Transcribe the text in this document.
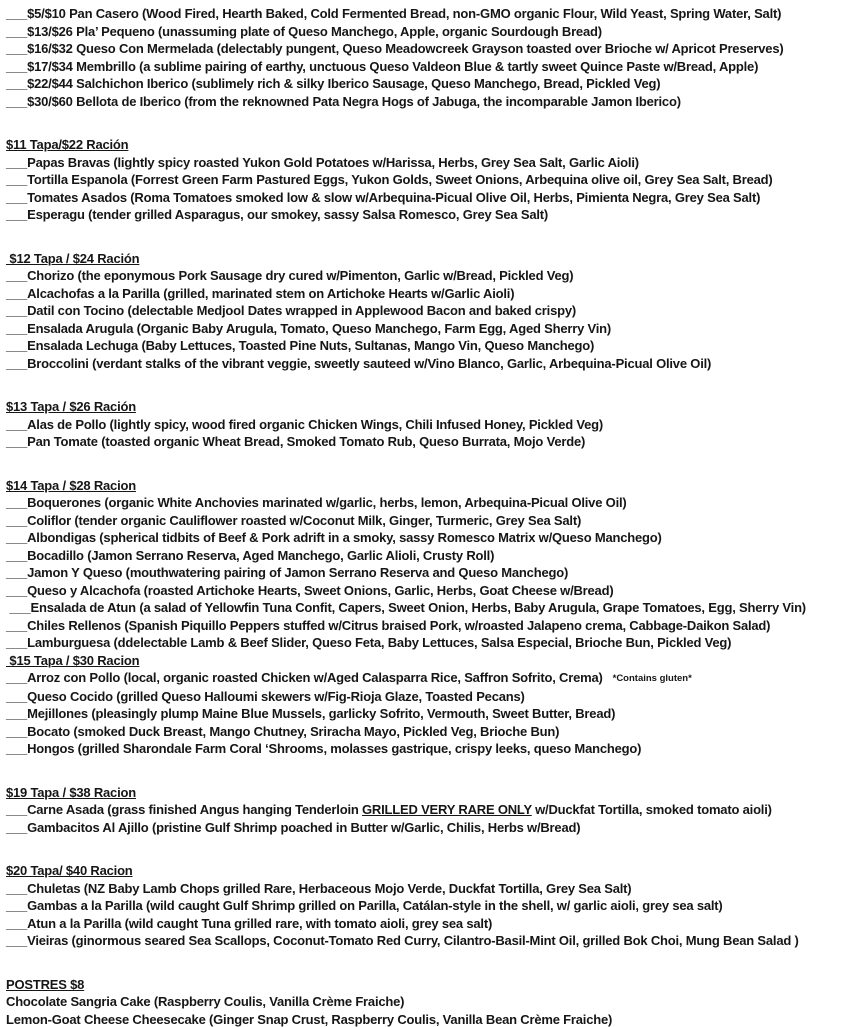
___$5/$10 Pan Casero (Wood Fired, Hearth Baked, Cold Fermented Bread, non-GMO organic Flour, Wild Yeast, Spring Water, Salt)
___$13/$26 Pla’ Pequeno (unassuming plate of Queso Manchego, Apple, organic Sourdough Bread)
___$16/$32 Queso Con Mermelada (delectably pungent, Queso Meadowcreek Grayson toasted over Brioche w/ Apricot Preserves)
___$17/$34 Membrillo (a sublime pairing of earthy, unctuous Queso Valdeon Blue & tartly sweet Quince Paste w/Bread, Apple)
___$22/$44 Salchichon Iberico (sublimely rich & silky Iberico Sausage, Queso Manchego, Bread, Pickled Veg)
___$30/$60 Bellota de Iberico (from the reknowned Pata Negra Hogs of Jabuga, the incomparable Jamon Iberico)
$11 Tapa/$22 Ración
___Papas Bravas (lightly spicy roasted Yukon Gold Potatoes w/Harissa, Herbs, Grey Sea Salt, Garlic Aioli)
___Tortilla Espanola (Forrest Green Farm Pastured Eggs, Yukon Golds, Sweet Onions, Arbequina olive oil, Grey Sea Salt, Bread)
___Tomates Asados (Roma Tomatoes smoked low & slow w/Arbequina-Picual Olive Oil, Herbs, Pimienta Negra, Grey Sea Salt)
___Esperagu (tender grilled Asparagus, our smokey, sassy Salsa Romesco, Grey Sea Salt)
$12 Tapa / $24 Ración
___Chorizo (the eponymous Pork Sausage dry cured w/Pimenton, Garlic w/Bread, Pickled Veg)
___Alcachofas a la Parilla (grilled, marinated stem on Artichoke Hearts w/Garlic Aioli)
___Datil con Tocino (delectable Medjool Dates wrapped in Applewood Bacon and baked crispy)
___Ensalada Arugula (Organic Baby Arugula, Tomato, Queso Manchego, Farm Egg, Aged Sherry Vin)
___Ensalada Lechuga (Baby Lettuces, Toasted Pine Nuts, Sultanas, Mango Vin, Queso Manchego)
___Broccolini (verdant stalks of the vibrant veggie, sweetly sauteed w/Vino Blanco, Garlic, Arbequina-Picual Olive Oil)
$13 Tapa / $26 Ración
___Alas de Pollo (lightly spicy, wood fired organic Chicken Wings, Chili Infused Honey, Pickled Veg)
___Pan Tomate (toasted organic Wheat Bread, Smoked Tomato Rub, Queso Burrata, Mojo Verde)
$14 Tapa / $28 Racion
___Boquerones (organic White Anchovies marinated w/garlic, herbs, lemon, Arbequina-Picual Olive Oil)
___Coliflor (tender organic Cauliflower roasted w/Coconut Milk, Ginger, Turmeric, Grey Sea Salt)
___Albondigas (spherical tidbits of Beef & Pork adrift in a smoky, sassy Romesco Matrix w/Queso Manchego)
___Bocadillo (Jamon Serrano Reserva, Aged Manchego, Garlic Alioli, Crusty Roll)
___Jamon Y Queso (mouthwatering pairing of Jamon Serrano Reserva and Queso Manchego)
___Queso y Alcachofa (roasted Artichoke Hearts, Sweet Onions, Garlic, Herbs, Goat Cheese w/Bread)
___Ensalada de Atun (a salad of Yellowfin Tuna Confit, Capers, Sweet Onion, Herbs, Baby Arugula, Grape Tomatoes, Egg, Sherry Vin)
___Chiles Rellenos (Spanish Piquillo Peppers stuffed w/Citrus braised Pork, w/roasted Jalapeno crema, Cabbage-Daikon Salad)
___Lamburguesa (ddelectable Lamb & Beef Slider, Queso Feta, Baby Lettuces, Salsa Especial, Brioche Bun, Pickled Veg)
$15 Tapa / $30 Racion
___Arroz con Pollo (local, organic roasted Chicken w/Aged Calasparra Rice, Saffron Sofrito, Crema) *Contains gluten*
___Queso Cocido (grilled Queso Halloumi skewers w/Fig-Rioja Glaze, Toasted Pecans)
___Mejillones (pleasingly plump Maine Blue Mussels, garlicky Sofrito, Vermouth, Sweet Butter, Bread)
___Bocato (smoked Duck Breast, Mango Chutney, Sriracha Mayo, Pickled Veg, Brioche Bun)
___Hongos (grilled Sharondale Farm Coral ‘Shrooms, molasses gastrique, crispy leeks, queso Manchego)
$19 Tapa / $38 Racion
___Carne Asada (grass finished Angus hanging Tenderloin GRILLED VERY RARE ONLY w/Duckfat Tortilla, smoked tomato aioli)
___Gambacitos Al Ajillo (pristine Gulf Shrimp poached in Butter w/Garlic, Chilis, Herbs w/Bread)
$20 Tapa/ $40 Racion
___Chuletas (NZ Baby Lamb Chops grilled Rare, Herbaceous Mojo Verde, Duckfat Tortilla, Grey Sea Salt)
___Gambas a la Parilla (wild caught Gulf Shrimp grilled on Parilla, Catálan-style in the shell, w/ garlic aioli, grey sea salt)
___Atun a la Parilla (wild caught Tuna grilled rare, with tomato aioli, grey sea salt)
___Vieiras (ginormous seared Sea Scallops, Coconut-Tomato Red Curry, Cilantro-Basil-Mint Oil, grilled Bok Choi, Mung Bean Salad )
POSTRES $8
Chocolate Sangria Cake (Raspberry Coulis, Vanilla Crème Fraiche)
Lemon-Goat Cheese Cheesecake (Ginger Snap Crust, Raspberry Coulis, Vanilla Bean Crème Fraiche)
